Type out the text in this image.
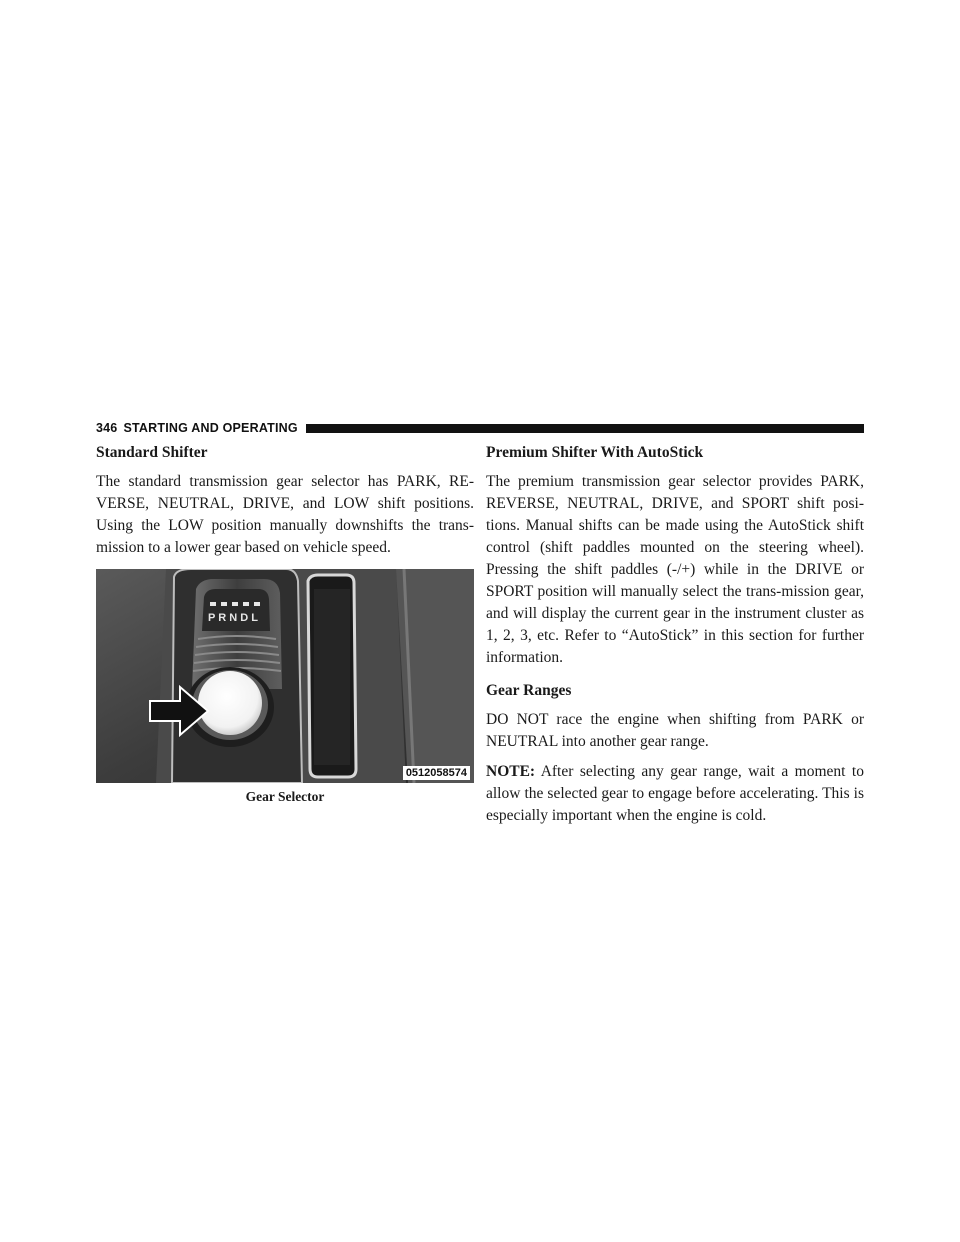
346 STARTING AND OPERATING
Standard Shifter

The standard transmission gear selector has PARK, RE-VERSE, NEUTRAL, DRIVE, and LOW shift positions. Using the LOW position manually downshifts the trans-mission to a lower gear based on vehicle speed.

P R N D L
0512058574
Gear Selector
Premium Shifter With AutoStick

The premium transmission gear selector provides PARK, REVERSE, NEUTRAL, DRIVE, and SPORT shift posi-tions. Manual shifts can be made using the AutoStick shift control (shift paddles mounted on the steering wheel). Pressing the shift paddles (-/+) while in the DRIVE or SPORT position will manually select the trans-mission gear, and will display the current gear in the instrument cluster as 1, 2, 3, etc. Refer to “AutoStick” in this section for further information.

Gear Ranges

DO NOT race the engine when shifting from PARK or NEUTRAL into another gear range.

NOTE: After selecting any gear range, wait a moment to allow the selected gear to engage before accelerating. This is especially important when the engine is cold.
